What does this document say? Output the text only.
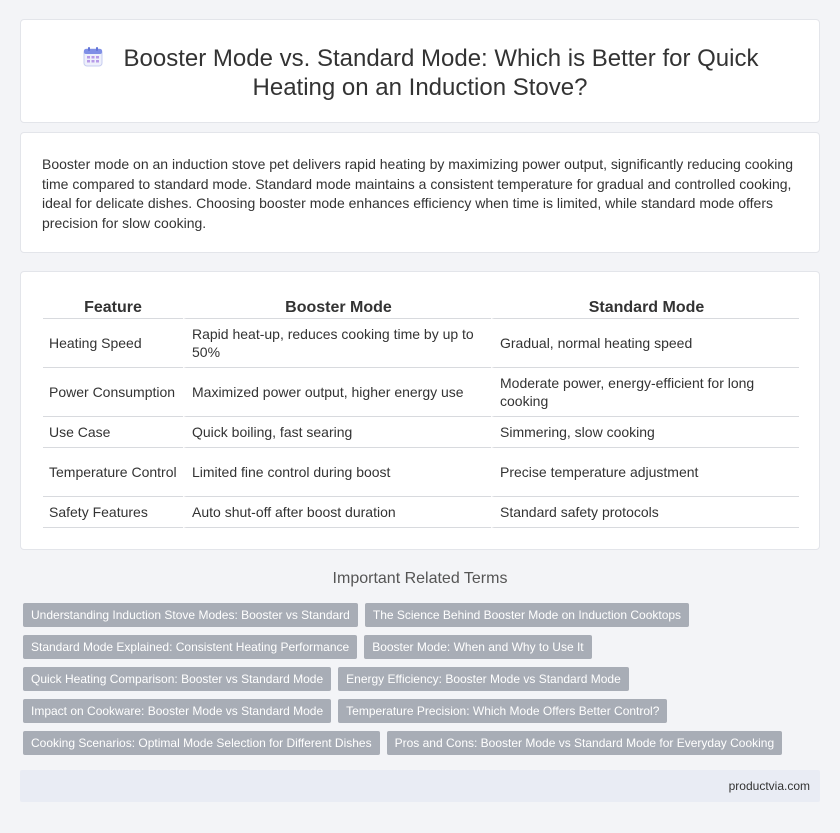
Booster Mode vs. Standard Mode: Which is Better for Quick Heating on an Induction Stove?

Booster mode on an induction stove pet delivers rapid heating by maximizing power output, significantly reducing cooking time compared to standard mode. Standard mode maintains a consistent temperature for gradual and controlled cooking, ideal for delicate dishes. Choosing booster mode enhances efficiency when time is limited, while standard mode offers precision for slow cooking.

Feature	Booster Mode	Standard Mode
Heating Speed	Rapid heat-up, reduces cooking time by up to 50%	Gradual, normal heating speed
Power Consumption	Maximized power output, higher energy use	Moderate power, energy-efficient for long cooking
Use Case	Quick boiling, fast searing	Simmering, slow cooking
Temperature Control	Limited fine control during boost	Precise temperature adjustment
Safety Features	Auto shut-off after boost duration	Standard safety protocols
Important Related Terms
Understanding Induction Stove Modes: Booster vs Standard	The Science Behind Booster Mode on Induction Cooktops
Standard Mode Explained: Consistent Heating Performance	Booster Mode: When and Why to Use It
Quick Heating Comparison: Booster vs Standard Mode	Energy Efficiency: Booster Mode vs Standard Mode
Impact on Cookware: Booster Mode vs Standard Mode	Temperature Precision: Which Mode Offers Better Control?
Cooking Scenarios: Optimal Mode Selection for Different Dishes	Pros and Cons: Booster Mode vs Standard Mode for Everyday Cooking
productvia.com
